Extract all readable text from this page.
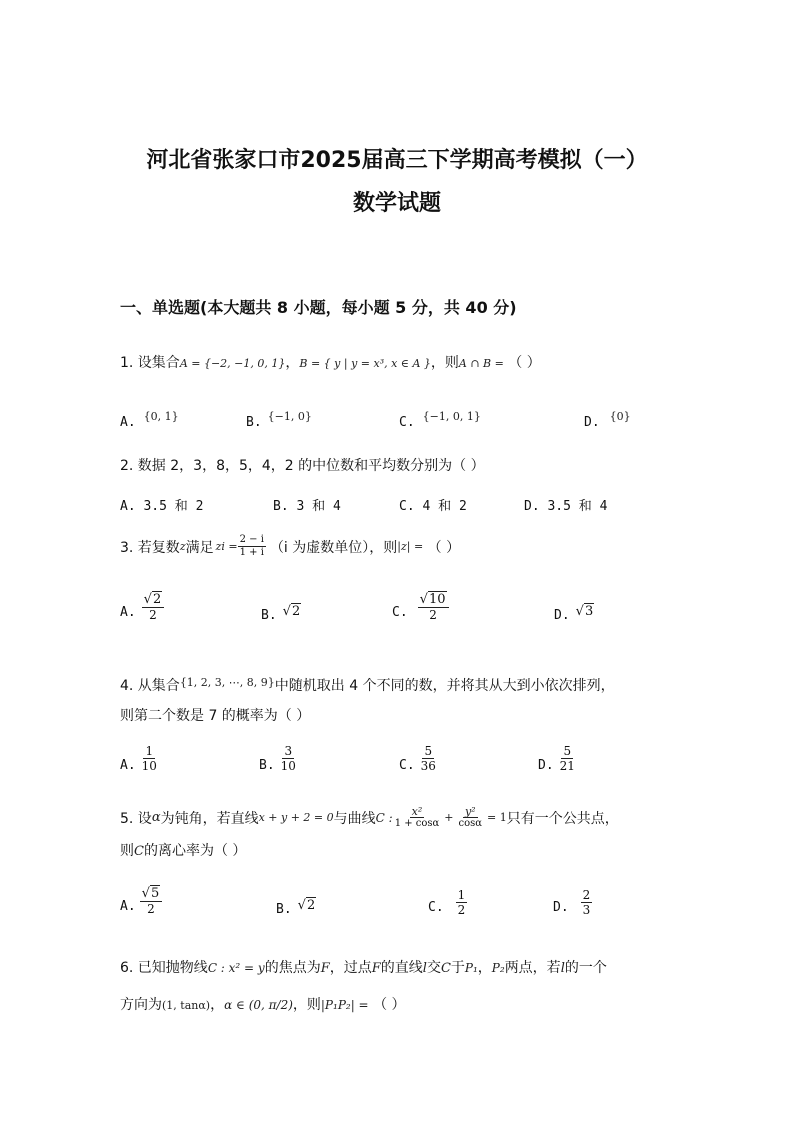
河北省张家口市2025届高三下学期高考模拟（一）
数学试题
一、单选题(本大题共 8 小题，每小题 5 分，共 40 分)
1. 设集合A = {−2, −1, 0, 1}，B = { y | y = x³, x ∈ A }，则A ∩ B = （ ）
A. $^{\{0, 1\}}$	B. $^{\{-1, 0\}}$	C. $^{\{-1, 0, 1\}}$	D. $^{\{0\}}$
2. 数据 2，3，8，5，4，2 的中位数和平均数分别为（ ）
A. 3.5 和 2	B. 3 和 4	C. 4 和 2	D. 3.5 和 4
3. 若复数 z 满足 zi = $\frac{2 - i}{1 + i} (i$ 为虚数单位），则 |z| =
（ ）
A. $\frac{√2}{2}$	B. √2	C. $\frac{√10}{2}$	D. √3
4. 从集合$^{\{1, 2, 3, \cdots, 8, 9\}}$中随机取出 4 个不同的数，并将其从大到小依次排列，
则第二个数是 7 的概率为（ ）
A. $\frac{1}{10}$	B. $\frac{3}{10}$	C. $\frac{5}{36}$	D. $\frac{5}{21}$
5. 设 α 为钝角，若直线 x + y + 2 = 0 与曲线 C : $\frac{\text{x²}}{1 + \cos\alpha} + \frac{\text{y²}}{\cos\alpha} = 1$ 只有一个公共点，
则C的离心率为（ ）
A. $\frac{√5}{2}$	B. √2	C. $\frac{1}{2}$	D. $\frac{2}{3}$
6. 已知抛物线C : x² = y的焦点为F，过点F的直线l交C于P₁，P₂两点，若l的一个
方向为(1, tanα)，α ∈ (0, π/2)，则|P₁P₂| = （ ）
